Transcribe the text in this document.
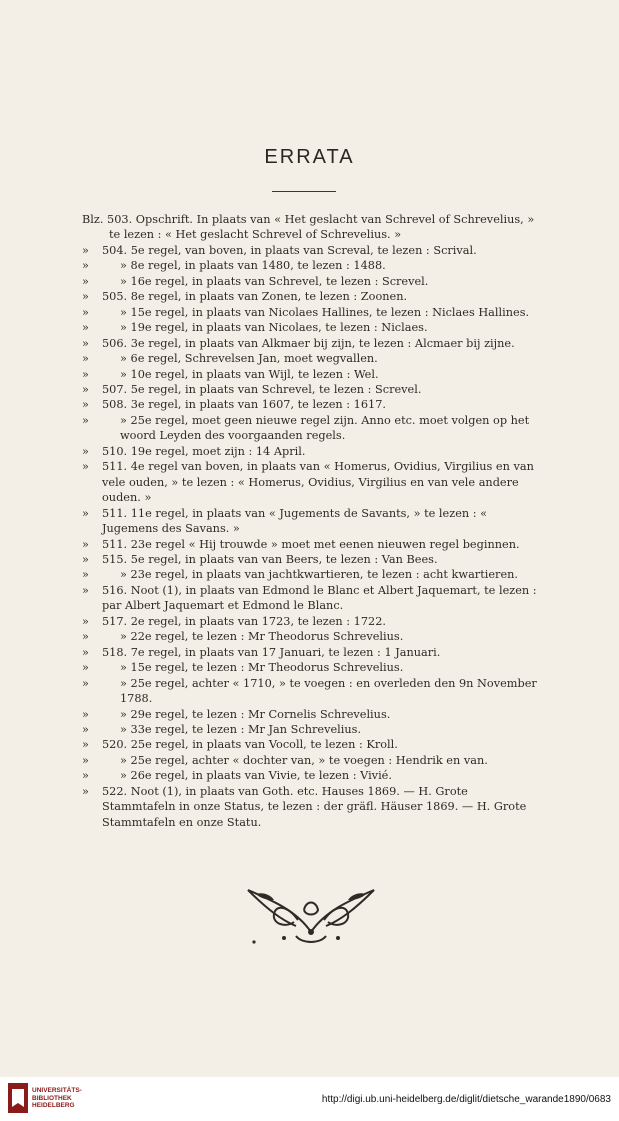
ERRATA
Blz. 503. Opschrift. In plaats van « Het geslacht van Schrevel of Schrevelius, » te lezen : « Het geslacht Schrevel of Schrevelius. »
»	504. 5e regel, van boven, in plaats van Screval, te lezen : Scrival.
»	» 8e regel, in plaats van 1480, te lezen : 1488.
»	» 16e regel, in plaats van Schrevel, te lezen : Screvel.
»	505. 8e regel, in plaats van Zonen, te lezen : Zoonen.
»	» 15e regel, in plaats van Nicolaes Hallines, te lezen : Niclaes Hallines.
»	» 19e regel, in plaats van Nicolaes, te lezen : Niclaes.
»	506. 3e regel, in plaats van Alkmaer bij zijn, te lezen : Alcmaer bij zijne.
»	» 6e regel, Schrevelsen Jan, moet wegvallen.
»	» 10e regel, in plaats van Wijl, te lezen : Wel.
»	507. 5e regel, in plaats van Schrevel, te lezen : Screvel.
»	508. 3e regel, in plaats van 1607, te lezen : 1617.
»	» 25e regel, moet geen nieuwe regel zijn. Anno etc. moet volgen op het woord Leyden des voorgaanden regels.
»	510. 19e regel, moet zijn : 14 April.
»	511. 4e regel van boven, in plaats van « Homerus, Ovidius, Virgilius en van vele ouden, » te lezen : « Homerus, Ovidius, Virgilius en van vele andere ouden. »
»	511. 11e regel, in plaats van « Jugements de Savants, » te lezen : « Jugemens des Savans. »
»	511. 23e regel « Hij trouwde » moet met eenen nieuwen regel beginnen.
»	515. 5e regel, in plaats van van Beers, te lezen : Van Bees.
»	» 23e regel, in plaats van jachtkwartieren, te lezen : acht kwartieren.
»	516. Noot (1), in plaats van Edmond le Blanc et Albert Jaquemart, te lezen : par Albert Jaquemart et Edmond le Blanc.
»	517. 2e regel, in plaats van 1723, te lezen : 1722.
»	» 22e regel, te lezen : Mr Theodorus Schrevelius.
»	518. 7e regel, in plaats van 17 Januari, te lezen : 1 Januari.
»	» 15e regel, te lezen : Mr Theodorus Schrevelius.
»	» 25e regel, achter « 1710, » te voegen : en overleden den 9n November 1788.
»	» 29e regel, te lezen : Mr Cornelis Schrevelius.
»	» 33e regel, te lezen : Mr Jan Schrevelius.
»	520. 25e regel, in plaats van Vocoll, te lezen : Kroll.
»	» 25e regel, achter « dochter van, » te voegen : Hendrik en van.
»	» 26e regel, in plaats van Vivie, te lezen : Vivié.
»	522. Noot (1), in plaats van Goth. etc. Hauses 1869. — H. Grote Stammtafeln in onze Status, te lezen : der gräfl. Häuser 1869. — H. Grote Stammtafeln en onze Statu.
UNIVERSITÄTS-
BIBLIOTHEK
HEIDELBERG
http://digi.ub.uni-heidelberg.de/diglit/dietsche_warande1890/0683
